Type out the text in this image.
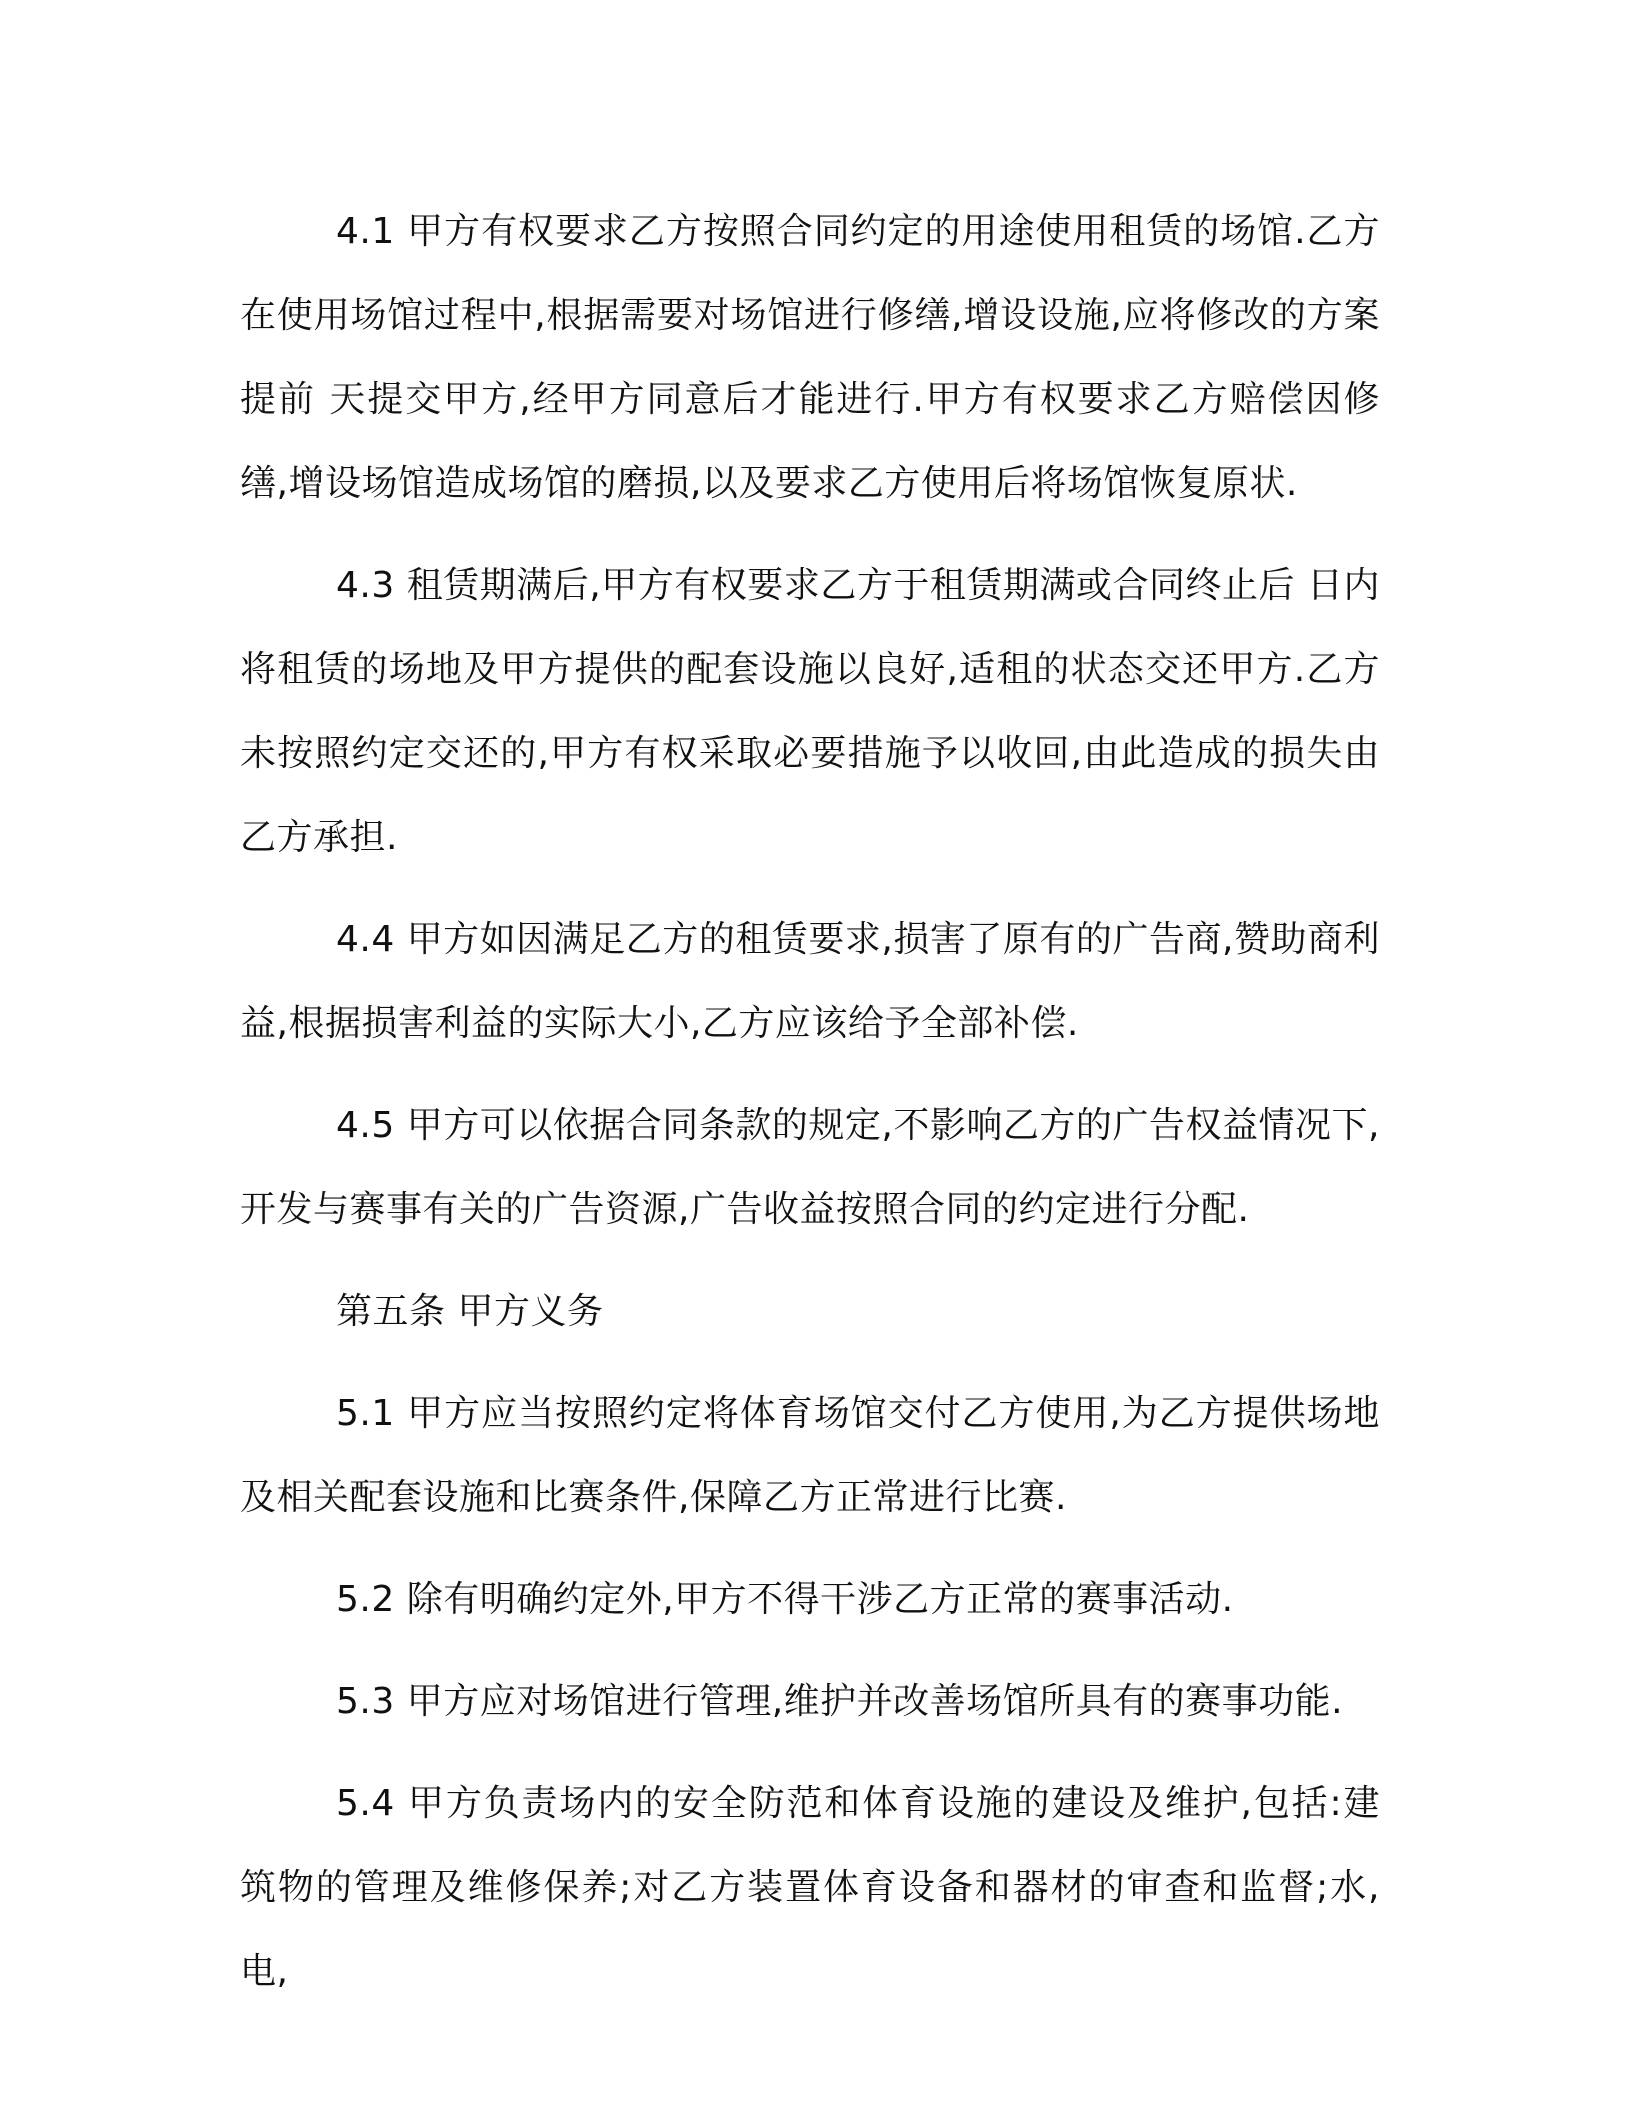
4.1 甲方有权要求乙方按照合同约定的用途使用租赁的场馆.乙方在使用场馆过程中,根据需要对场馆进行修缮,增设设施,应将修改的方案提前 天提交甲方,经甲方同意后才能进行.甲方有权要求乙方赔偿因修缮,增设场馆造成场馆的磨损,以及要求乙方使用后将场馆恢复原状.

4.3 租赁期满后,甲方有权要求乙方于租赁期满或合同终止后 日内将租赁的场地及甲方提供的配套设施以良好,适租的状态交还甲方.乙方未按照约定交还的,甲方有权采取必要措施予以收回,由此造成的损失由乙方承担.

4.4 甲方如因满足乙方的租赁要求,损害了原有的广告商,赞助商利益,根据损害利益的实际大小,乙方应该给予全部补偿.

4.5 甲方可以依据合同条款的规定,不影响乙方的广告权益情况下,开发与赛事有关的广告资源,广告收益按照合同的约定进行分配.

第五条 甲方义务

5.1 甲方应当按照约定将体育场馆交付乙方使用,为乙方提供场地及相关配套设施和比赛条件,保障乙方正常进行比赛.

5.2 除有明确约定外,甲方不得干涉乙方正常的赛事活动.

5.3 甲方应对场馆进行管理,维护并改善场馆所具有的赛事功能.

5.4 甲方负责场内的安全防范和体育设施的建设及维护,包括:建筑物的管理及维修保养;对乙方装置体育设备和器材的审查和监督;水,电,
